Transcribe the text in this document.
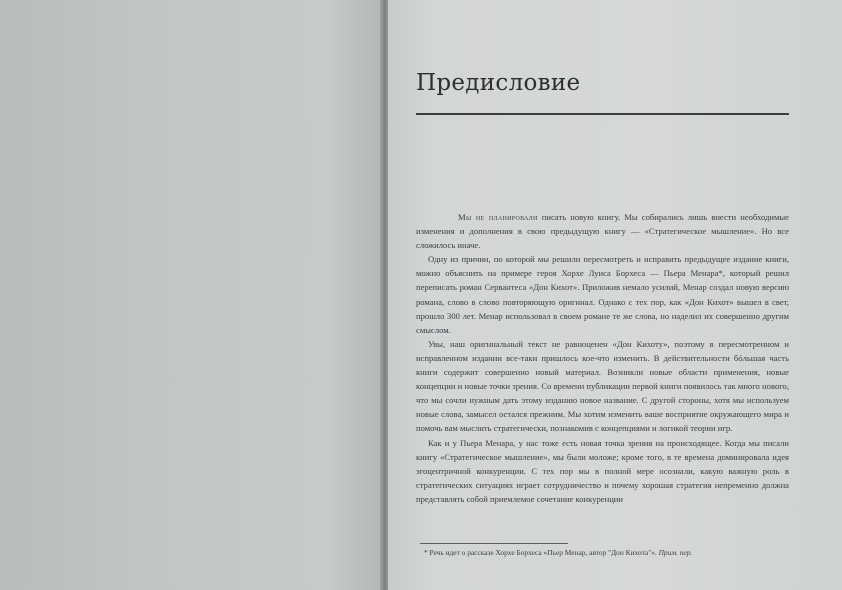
Предисловие

Мы не планировали писать новую книгу. Мы собирались лишь внести необходимые изменения и дополнения в свою предыдущую книгу — «Стратегическое мышление». Но все сложилось иначе.

Одну из причин, по которой мы решили пересмотреть и исправить предыдущее издание книги, можно объяснить на примере героя Хорхе Луиса Борхеса — Пьера Менара*, который решил переписать роман Сервантеса «Дон Кихот». Приложив немало усилий, Менар создал новую версию романа, слово в слово повторяющую оригинал. Однако с тех пор, как «Дон Кихот» вышел в свет, прошло 300 лет. Менар использовал в своем романе те же слова, но наделил их совершенно другим смыслом.

Увы, наш оригинальный текст не равноценен «Дон Кихоту», поэтому в пересмотренном и исправленном издании все-таки пришлось кое-что изменить. В действительности бóльшая часть книги содержит совершенно новый материал. Возникли новые области применения, новые концепции и новые точки зрения. Со времени публикации первой книги появилось так много нового, что мы сочли нужным дать этому изданию новое название. С другой стороны, хотя мы используем новые слова, замысел остался прежним. Мы хотим изменить ваше восприятие окружающего мира и помочь вам мыслить стратегически, познакомив с концепциями и логикой теории игр.

Как и у Пьера Менара, у нас тоже есть новая точка зрения на происходящее. Когда мы писали книгу «Стратегическое мышление», мы были моложе; кроме того, в те времена доминировала идея эгоцентричной конкуренции. С тех пор мы в полной мере осознали, какую важную роль в стратегических ситуациях играет сотрудничество и почему хорошая стратегия непременно должна представлять собой приемлемое сочетание конкуренции

* Речь идет о рассказе Хорхе Борхеса «Пьер Менар, автор "Дон Кихота"». Прим. пер.
